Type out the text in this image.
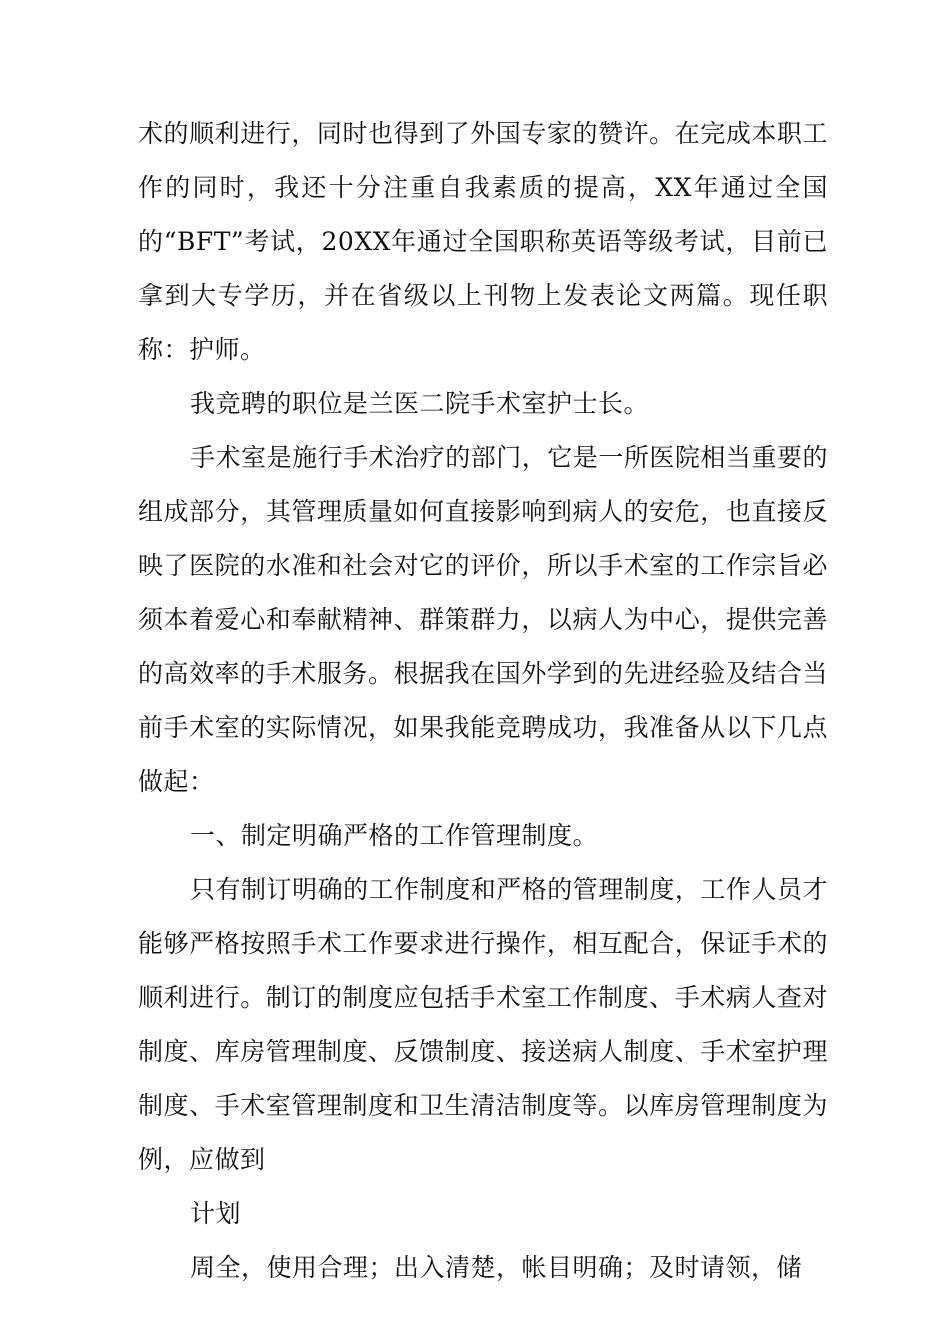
术的顺利进行，同时也得到了外国专家的赞许。在完成本职工作的同时，我还十分注重自我素质的提高，XX年通过全国的“BFT”考试，20XX年通过全国职称英语等级考试，目前已拿到大专学历，并在省级以上刊物上发表论文两篇。现任职称：护师。

我竞聘的职位是兰医二院手术室护士长。

手术室是施行手术治疗的部门，它是一所医院相当重要的组成部分，其管理质量如何直接影响到病人的安危，也直接反映了医院的水准和社会对它的评价，所以手术室的工作宗旨必须本着爱心和奉献精神、群策群力，以病人为中心，提供完善的高效率的手术服务。根据我在国外学到的先进经验及结合当前手术室的实际情况，如果我能竞聘成功，我准备从以下几点做起：

一、制定明确严格的工作管理制度。

只有制订明确的工作制度和严格的管理制度，工作人员才能够严格按照手术工作要求进行操作，相互配合，保证手术的顺利进行。制订的制度应包括手术室工作制度、手术病人查对制度、库房管理制度、反馈制度、接送病人制度、手术室护理制度、手术室管理制度和卫生清洁制度等。以库房管理制度为例，应做到

计划

周全，使用合理；出入清楚，帐目明确；及时请领，储
